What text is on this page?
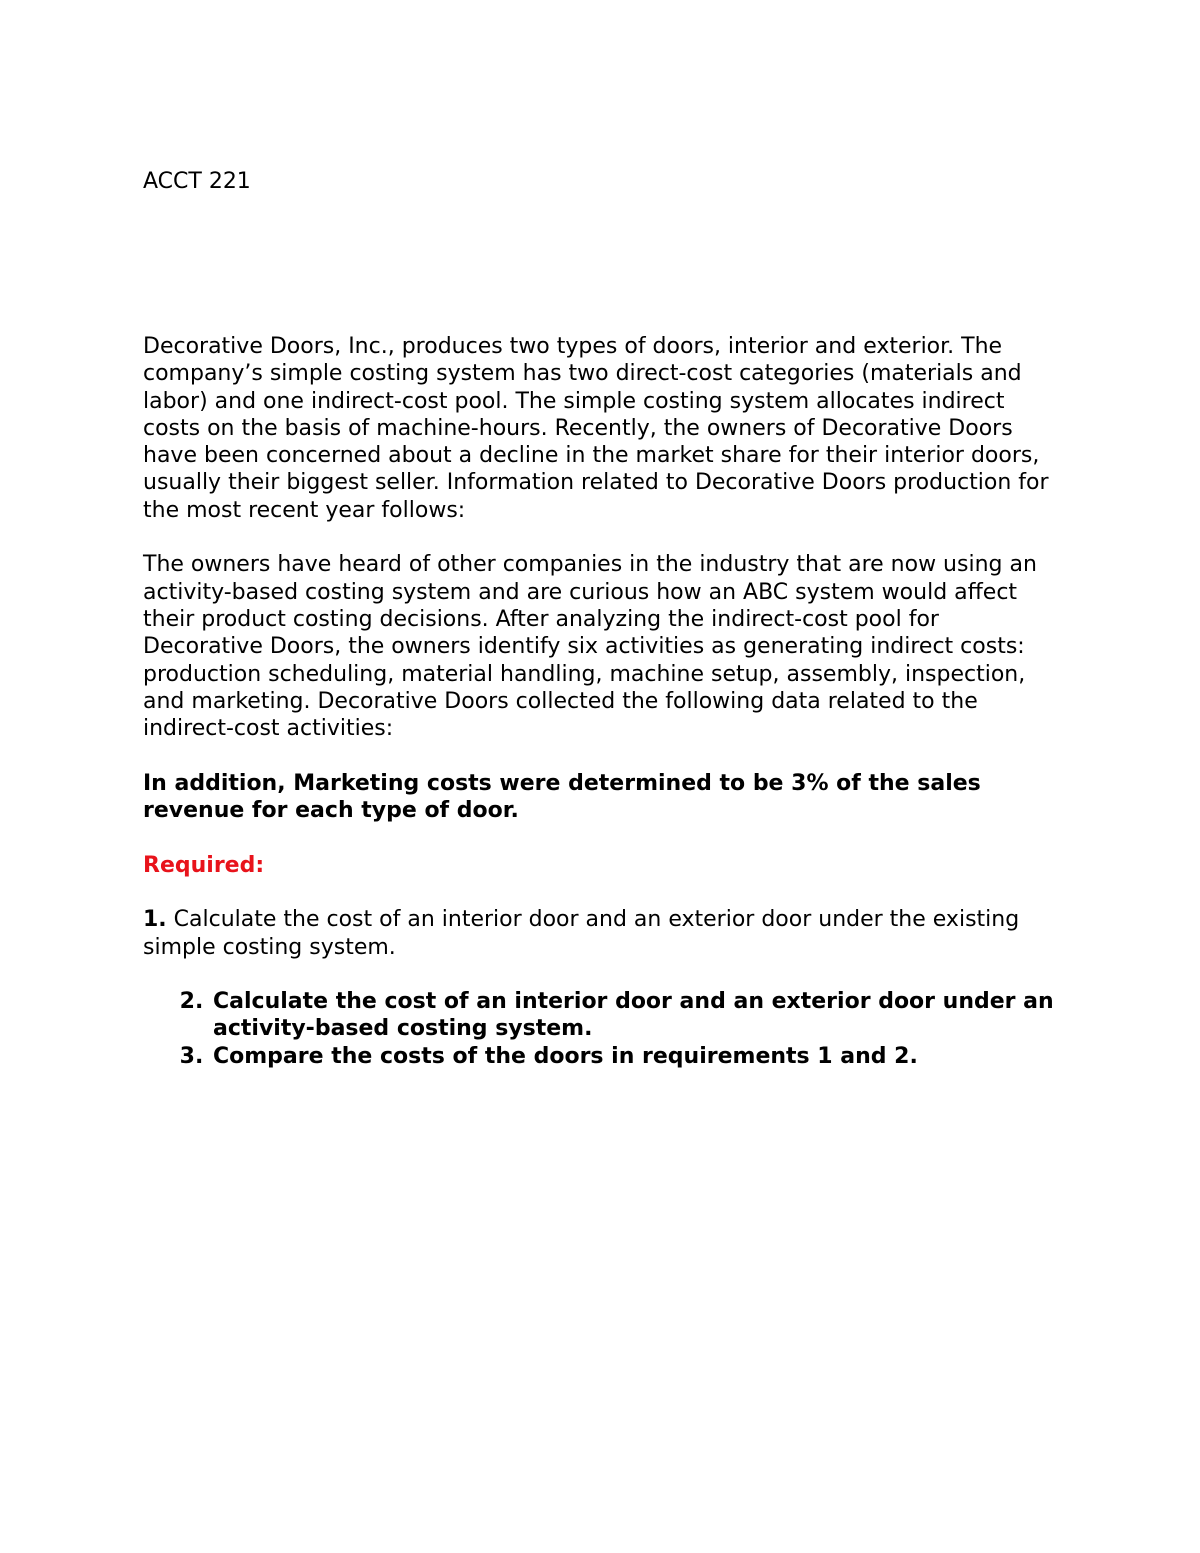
ACCT 221

Decorative Doors, Inc., produces two types of doors, interior and exterior. The company’s simple costing system has two direct-cost categories (materials and labor) and one indirect-cost pool. The simple costing system allocates indirect costs on the basis of machine-hours. Recently, the owners of Decorative Doors have been concerned about a decline in the market share for their interior doors, usually their biggest seller. Information related to Decorative Doors production for the most recent year follows:

The owners have heard of other companies in the industry that are now using an activity-based costing system and are curious how an ABC system would affect their product costing decisions. After analyzing the indirect-cost pool for Decorative Doors, the owners identify six activities as generating indirect costs: production scheduling, material handling, machine setup, assembly, inspection, and marketing. Decorative Doors collected the following data related to the indirect-cost activities:

In addition, Marketing costs were determined to be 3% of the sales revenue for each type of door.

Required:

1. Calculate the cost of an interior door and an exterior door under the existing simple costing system.

2. Calculate the cost of an interior door and an exterior door under an activity-based costing system.
3. Compare the costs of the doors in requirements 1 and 2.
